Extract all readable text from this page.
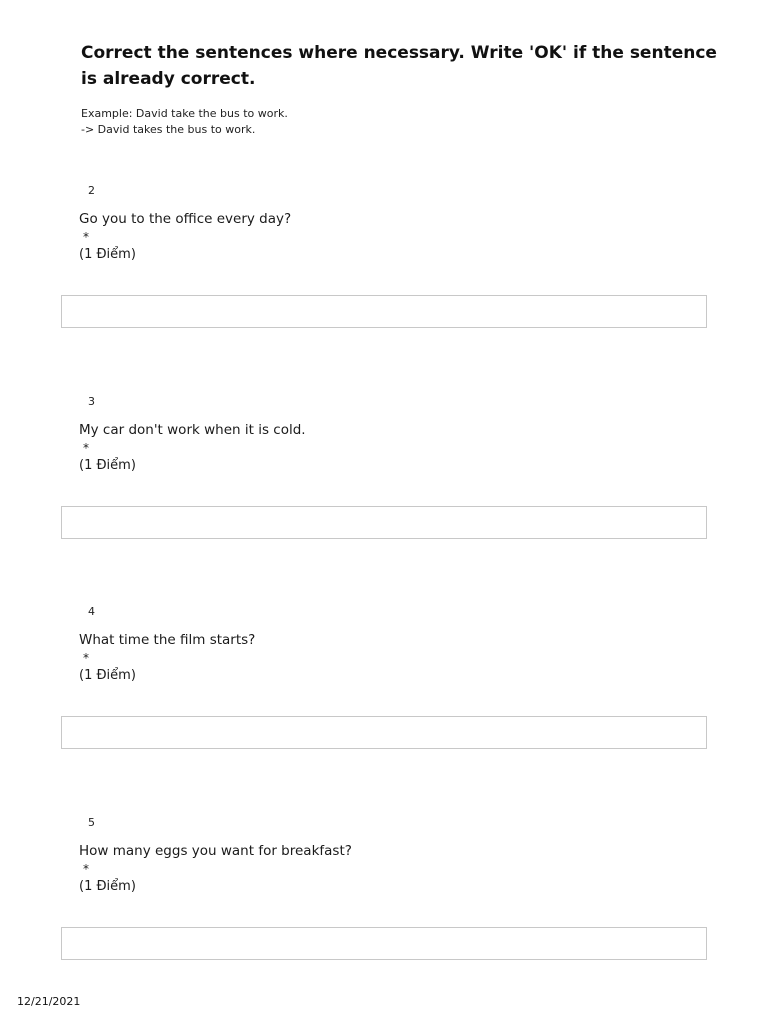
Correct the sentences where necessary. Write 'OK' if the sentence is already correct.
Example: David take the bus to work.
-> David takes the bus to work.
2
Go you to the office every day?
*
(1 Điểm)
3
My car don't work when it is cold.
*
(1 Điểm)
4
What time the film starts?
*
(1 Điểm)
5
How many eggs you want for breakfast?
*
(1 Điểm)
12/21/2021
